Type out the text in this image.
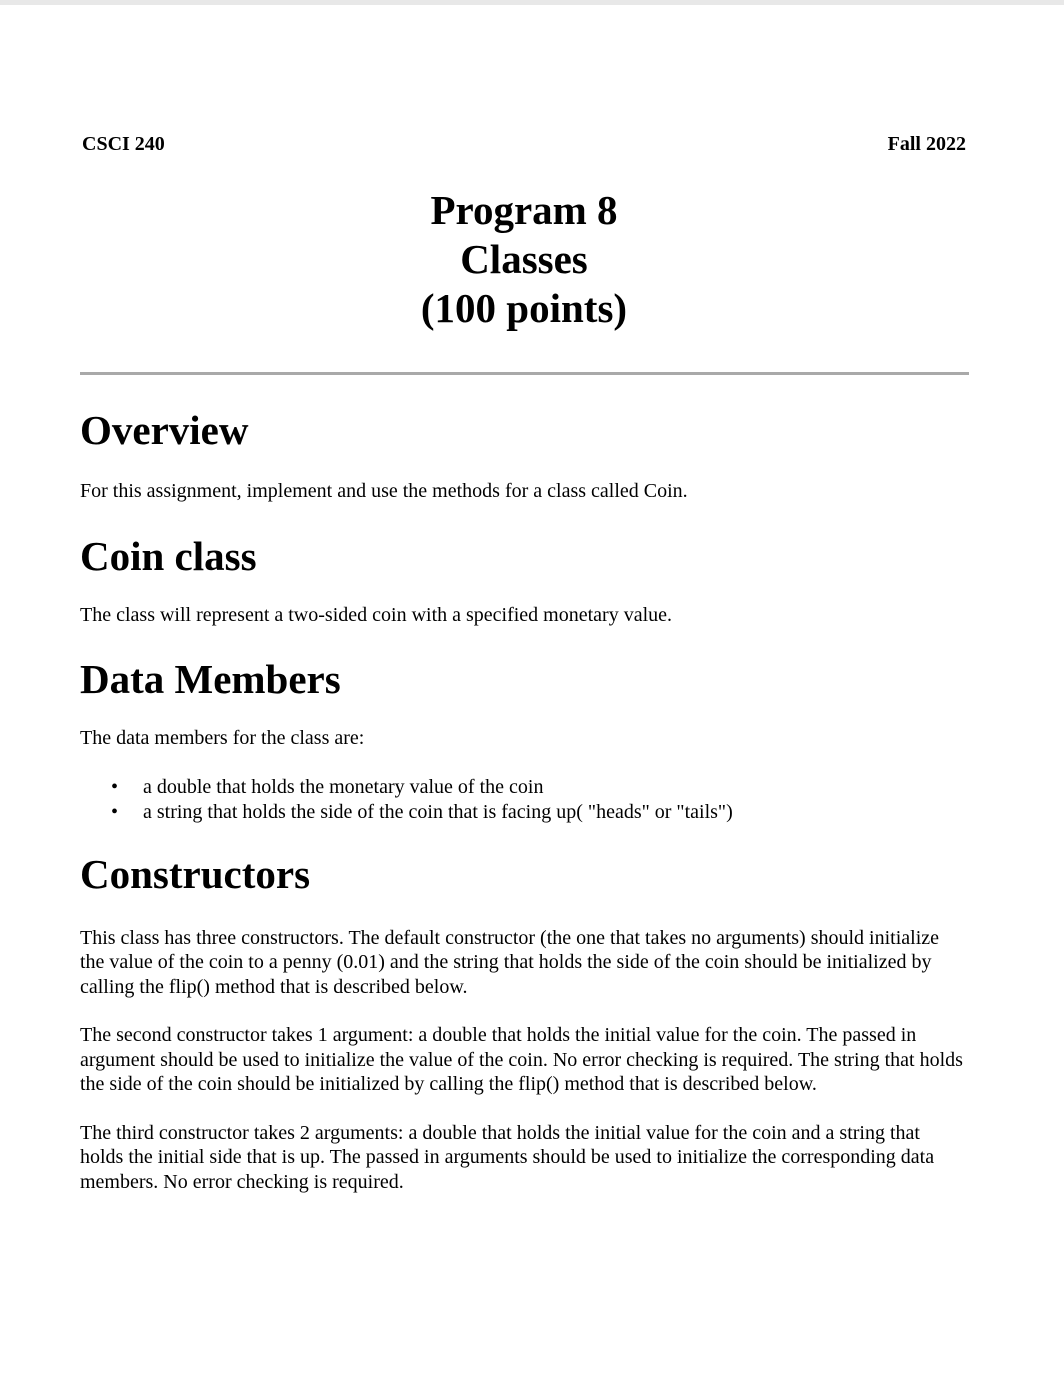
CSCI 240	Fall 2022
Program 8
Classes
(100 points)
Overview

For this assignment, implement and use the methods for a class called Coin.

Coin class

The class will represent a two-sided coin with a specified monetary value.

Data Members

The data members for the class are:

• a double that holds the monetary value of the coin
• a string that holds the side of the coin that is facing up( "heads" or "tails")
Constructors

This class has three constructors. The default constructor (the one that takes no arguments) should initialize the value of the coin to a penny (0.01) and the string that holds the side of the coin should be initialized by calling the flip() method that is described below.

The second constructor takes 1 argument: a double that holds the initial value for the coin. The passed in argument should be used to initialize the value of the coin. No error checking is required. The string that holds the side of the coin should be initialized by calling the flip() method that is described below.

The third constructor takes 2 arguments: a double that holds the initial value for the coin and a string that holds the initial side that is up. The passed in arguments should be used to initialize the corresponding data members. No error checking is required.
